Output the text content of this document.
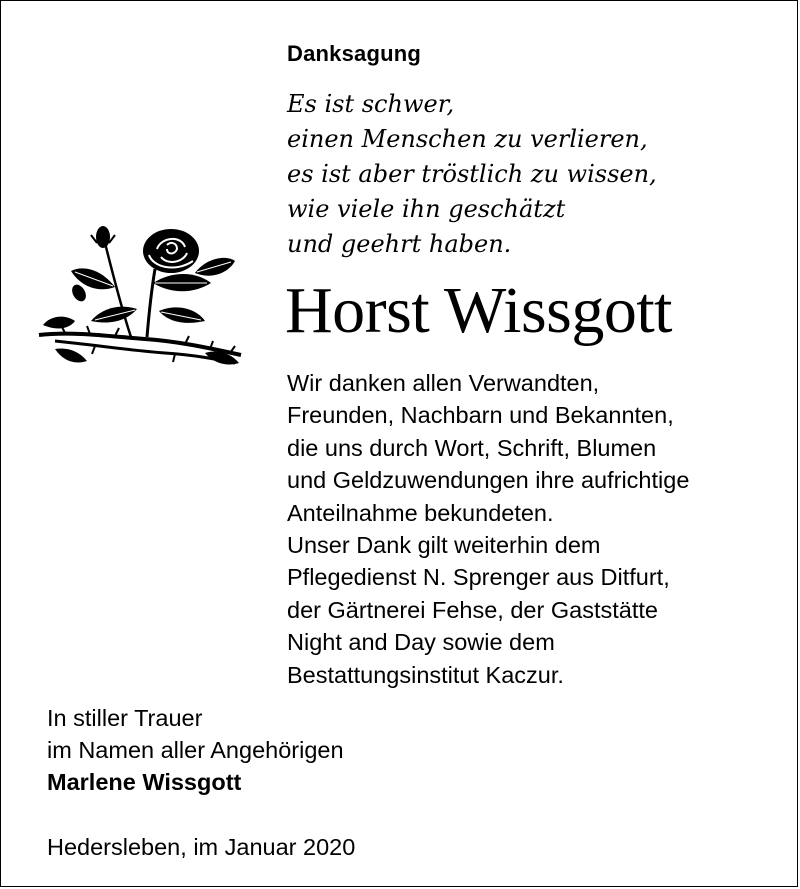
Danksagung
Es ist schwer,
einen Menschen zu verlieren,
es ist aber tröstlich zu wissen,
wie viele ihn geschätzt
und geehrt haben.
Horst Wissgott
Wir danken allen Verwandten,
Freunden, Nachbarn und Bekannten,
die uns durch Wort, Schrift, Blumen
und Geldzuwendungen ihre aufrichtige
Anteilnahme bekundeten.
Unser Dank gilt weiterhin dem
Pflegedienst N. Sprenger aus Ditfurt,
der Gärtnerei Fehse, der Gaststätte
Night and Day sowie dem
Bestattungsinstitut Kaczur.
In stiller Trauer
im Namen aller Angehörigen
Marlene Wissgott
Hedersleben, im Januar 2020
